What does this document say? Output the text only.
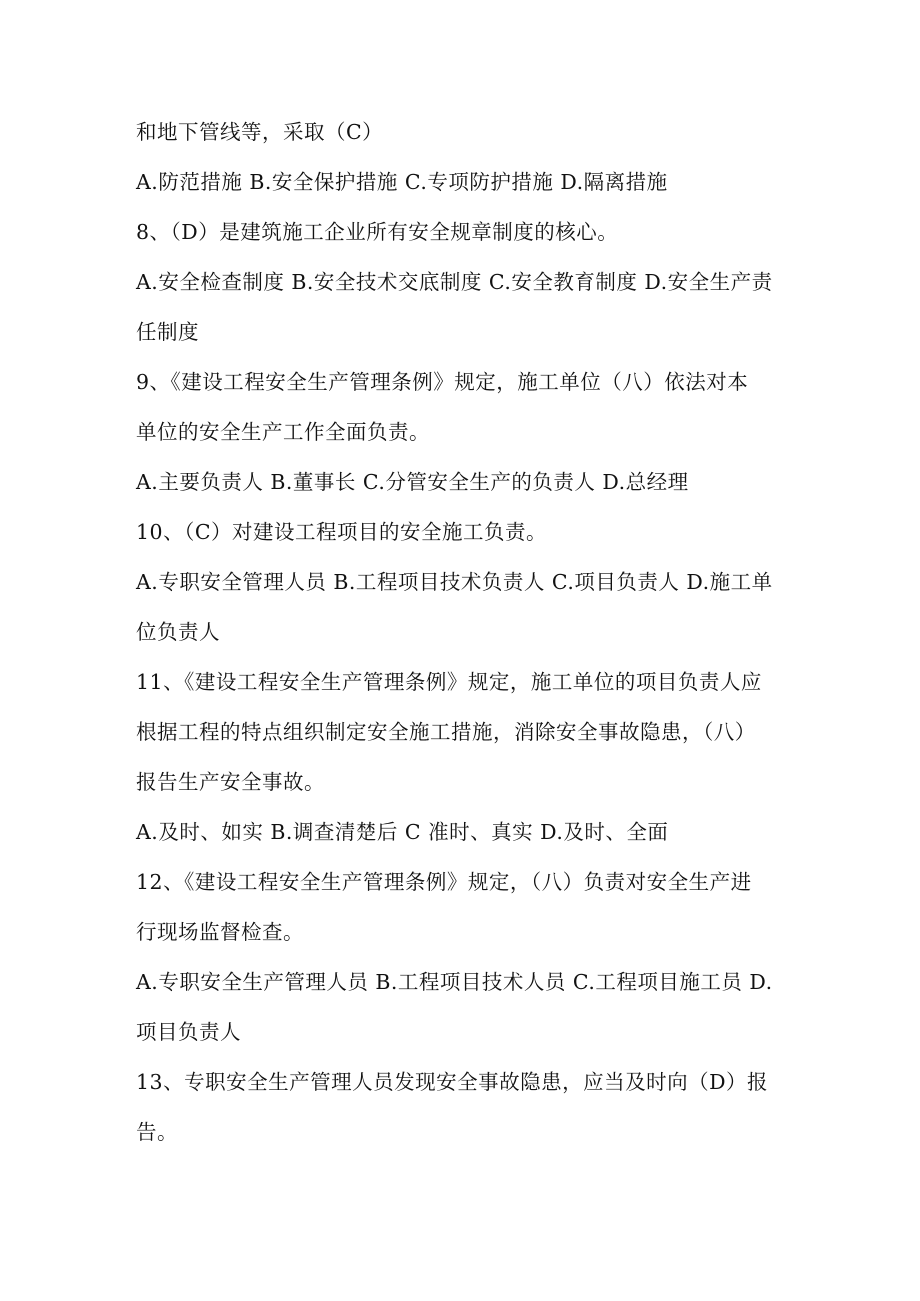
和地下管线等，采取（C）
A.防范措施 B.安全保护措施 C.专项防护措施 D.隔离措施
8、（D）是建筑施工企业所有安全规章制度的核心。
A.安全检查制度 B.安全技术交底制度 C.安全教育制度 D.安全生产责
任制度
9、《建设工程安全生产管理条例》规定，施工单位（八）依法对本
单位的安全生产工作全面负责。
A.主要负责人 B.董事长 C.分管安全生产的负责人 D.总经理
10、（C）对建设工程项目的安全施工负责。
A.专职安全管理人员 B.工程项目技术负责人 C.项目负责人 D.施工单
位负责人
11、《建设工程安全生产管理条例》规定，施工单位的项目负责人应
根据工程的特点组织制定安全施工措施，消除安全事故隐患，（八）
报告生产安全事故。
A.及时、如实 B.调查清楚后 C 准时、真实 D.及时、全面
12、《建设工程安全生产管理条例》规定，（八）负责对安全生产进
行现场监督检查。
A.专职安全生产管理人员 B.工程项目技术人员 C.工程项目施工员 D.
项目负责人
13、专职安全生产管理人员发现安全事故隐患，应当及时向（D）报
告。
